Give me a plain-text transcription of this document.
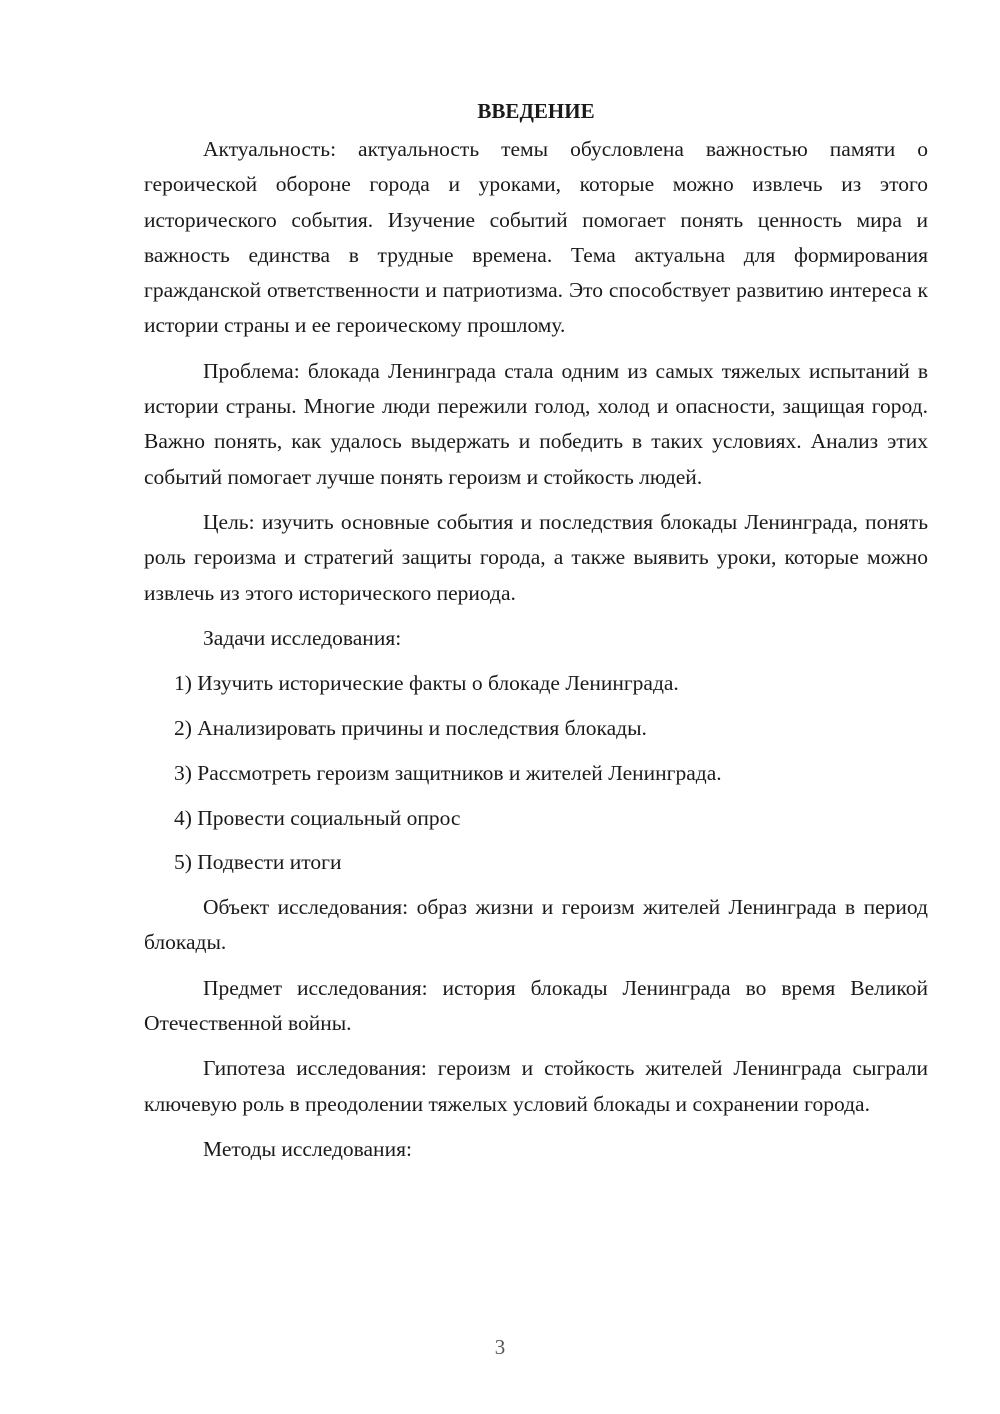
ВВЕДЕНИЕ

Актуальность: актуальность темы обусловлена важностью памяти о героической обороне города и уроками, которые можно извлечь из этого исторического события. Изучение событий помогает понять ценность мира и важность единства в трудные времена. Тема актуальна для формирования гражданской ответственности и патриотизма. Это способствует развитию интереса к истории страны и ее героическому прошлому.

Проблема: блокада Ленинграда стала одним из самых тяжелых испытаний в истории страны. Многие люди пережили голод, холод и опасности, защищая город. Важно понять, как удалось выдержать и победить в таких условиях. Анализ этих событий помогает лучше понять героизм и стойкость людей.

Цель: изучить основные события и последствия блокады Ленинграда, понять роль героизма и стратегий защиты города, а также выявить уроки, которые можно извлечь из этого исторического периода.

Задачи исследования:

1) Изучить исторические факты о блокаде Ленинграда.
2) Анализировать причины и последствия блокады.
3) Рассмотреть героизм защитников и жителей Ленинграда.
4) Провести социальный опрос
5) Подвести итоги

Объект исследования: образ жизни и героизм жителей Ленинграда в период блокады.

Предмет исследования: история блокады Ленинграда во время Великой Отечественной войны.

Гипотеза исследования: героизм и стойкость жителей Ленинграда сыграли ключевую роль в преодолении тяжелых условий блокады и сохранении города.

Методы исследования:

3
